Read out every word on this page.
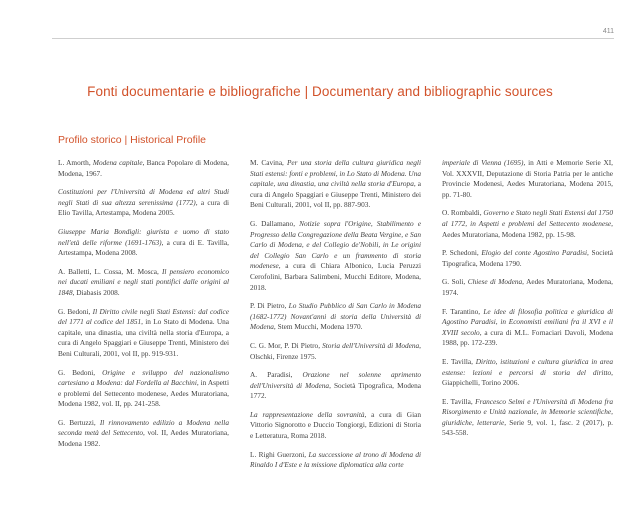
411
Fonti documentarie e bibliografiche | Documentary and bibliographic sources
Profilo storico | Historical Profile

L. Amorth, Modena capitale, Banca Popolare di Modena, Modena, 1967.

Costituzioni per l'Università di Modena ed altri Studi negli Stati di sua altezza serenissima (1772), a cura di Elio Tavilla, Artestampa, Modena 2005.

Giuseppe Maria Bondigli: giurista e uomo di stato nell'età delle riforme (1691-1763), a cura di E. Tavilla, Artestampa, Modena 2008.

A. Balletti, L. Cossa, M. Mosca, Il pensiero economico nei ducati emiliani e negli stati pontifici dalle origini al 1848, Diabasis 2008.

G. Bedoni, Il Diritto civile negli Stati Estensi: dal codice del 1771 al codice del 1851, in Lo Stato di Modena. Una capitale, una dinastia, una civiltà nella storia d'Europa, a cura di Angelo Spaggiari e Giuseppe Trenti, Ministero dei Beni Culturali, 2001, vol II, pp. 919-931.

G. Bedoni, Origine e sviluppo del nazionalismo cartesiano a Modena: dal Fordella al Bacchini, in Aspetti e problemi del Settecento modenese, Aedes Muratoriana, Modena 1982, vol. II, pp. 241-258.

G. Bertuzzi, Il rinnovamento edilizio a Modena nella seconda metà del Settecento, vol. II, Aedes Muratoriana, Modena 1982.

M. Cavina, Per una storia della cultura giuridica negli Stati estensi: fonti e problemi, in Lo Stato di Modena. Una capitale, una dinastia, una civiltà nella storia d'Europa, a cura di Angelo Spaggiari e Giuseppe Trenti, Ministero dei Beni Culturali, 2001, vol II, pp. 887-903.

G. Dallamano, Notizie sopra l'Origine, Stabilimento e Progresso della Congregazione della Beata Vergine, e San Carlo di Modena, e del Collegio de'Nobili, in Le origini del Collegio San Carlo e un frammento di storia modenese, a cura di Chiara Albonico, Lucia Peruzzi Cerofolini, Barbara Salimbeni, Mucchi Editore, Modena, 2018.

P. Di Pietro, Lo Studio Pubblico di San Carlo in Modena (1682-1772) Novant'anni di storia della Università di Modena, Stem Mucchi, Modena 1970.

C. G. Mor, P. Di Pietro, Storia dell'Università di Modena, Olschki, Firenze 1975.

A. Paradisi, Orazione nel solenne aprimento dell'Università di Modena, Società Tipografica, Modena 1772.

La rappresentazione della sovranità, a cura di Gian Vittorio Signorotto e Duccio Tongiorgi, Edizioni di Storia e Letteratura, Roma 2018.

L. Righi Guerzoni, La successione al trono di Modena di Rinaldo I d'Este e la missione diplomatica alla corte

imperiale di Vienna (1695), in Atti e Memorie Serie XI, Vol. XXXVII, Deputazione di Storia Patria per le antiche Provincie Modenesi, Aedes Muratoriana, Modena 2015, pp. 71-80.

O. Rombaldi, Governo e Stato negli Stati Estensi dal 1750 al 1772, in Aspetti e problemi del Settecento modenese, Aedes Muratoriana, Modena 1982, pp. 15-98.

P. Schedoni, Elogio del conte Agostino Paradisi, Società Tipografica, Modena 1790.

G. Soli, Chiese di Modena, Aedes Muratoriana, Modena, 1974.

F. Tarantino, Le idee di filosofia politica e giuridica di Agostino Paradisi, in Economisti emiliani fra il XVI e il XVIII secolo, a cura di M.L. Fornaciari Davoli, Modena 1988, pp. 172-239.

E. Tavilla, Diritto, istituzioni e cultura giuridica in area estense: lezioni e percorsi di storia del diritto, Giappichelli, Torino 2006.

E. Tavilla, Francesco Selmi e l'Università di Modena fra Risorgimento e Unità nazionale, in Memorie scientifiche, giuridiche, letterarie, Serie 9, vol. 1, fasc. 2 (2017), p. 543-558.
